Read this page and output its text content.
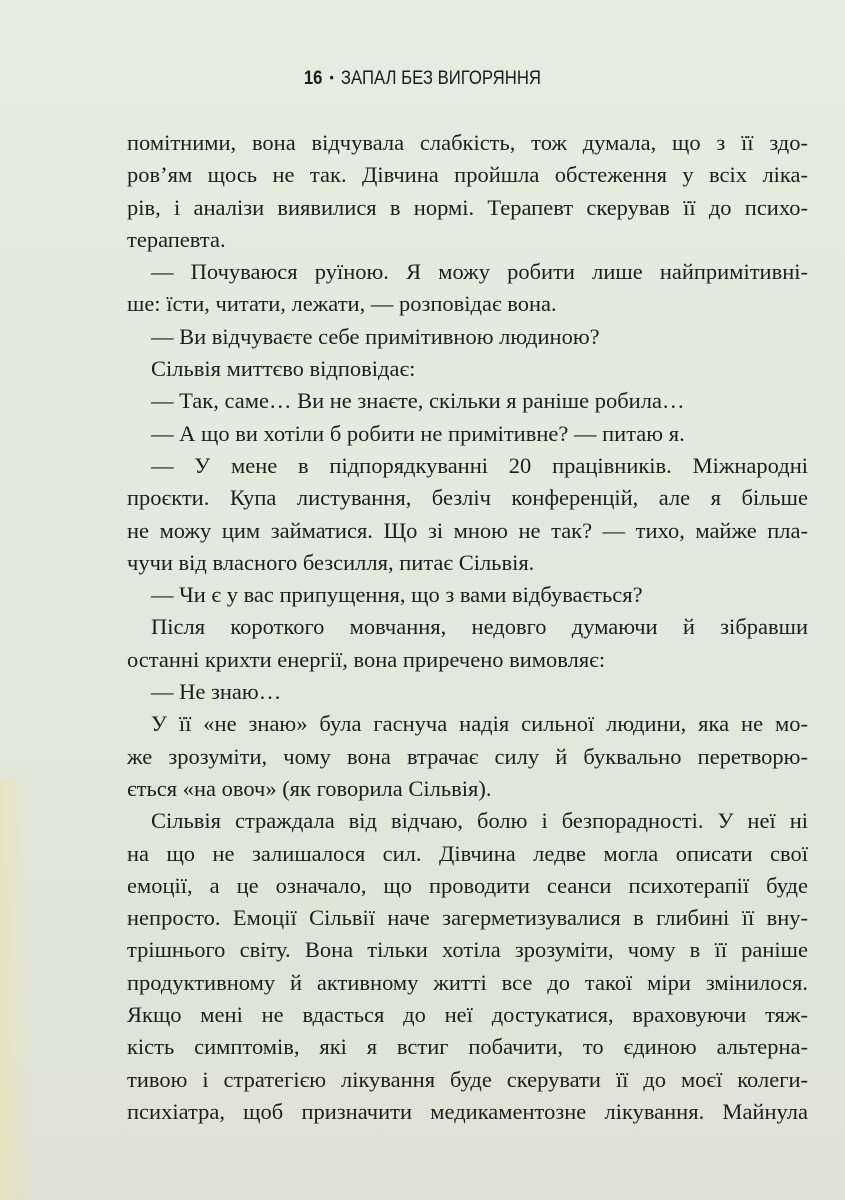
16 • ЗАПАЛ БЕЗ ВИГОРЯННЯ
помітними, вона відчувала слабкість, тож думала, що з її здо-
ров’ям щось не так. Дівчина пройшла обстеження у всіх ліка-
рів, і аналізи виявилися в нормі. Терапевт скерував її до психо-
терапевта.
— Почуваюся руїною. Я можу робити лише найпримітивні-
ше: їсти, читати, лежати, — розповідає вона.
— Ви відчуваєте себе примітивною людиною?
Сільвія миттєво відповідає:
— Так, саме… Ви не знаєте, скільки я раніше робила…
— А що ви хотіли б робити не примітивне? — питаю я.
— У мене в підпорядкуванні 20 працівників. Міжнародні
проєкти. Купа листування, безліч конференцій, але я більше
не можу цим займатися. Що зі мною не так? — тихо, майже пла-
чучи від власного безсилля, питає Сільвія.
— Чи є у вас припущення, що з вами відбувається?
Після короткого мовчання, недовго думаючи й зібравши
останні крихти енергії, вона приречено вимовляє:
— Не знаю…
У її «не знаю» була гаснуча надія сильної людини, яка не мо-
же зрозуміти, чому вона втрачає силу й буквально перетворю-
ється «на овоч» (як говорила Сільвія).
Сільвія страждала від відчаю, болю і безпорадності. У неї ні
на що не залишалося сил. Дівчина ледве могла описати свої
емоції, а це означало, що проводити сеанси психотерапії буде
непросто. Емоції Сільвії наче загерметизувалися в глибині її вну-
трішнього світу. Вона тільки хотіла зрозуміти, чому в її раніше
продуктивному й активному житті все до такої міри змінилося.
Якщо мені не вдасться до неї достукатися, враховуючи тяж-
кість симптомів, які я встиг побачити, то єдиною альтерна-
тивою і стратегією лікування буде скерувати її до моєї колеги-
психіатра, щоб призначити медикаментозне лікування. Майнула
